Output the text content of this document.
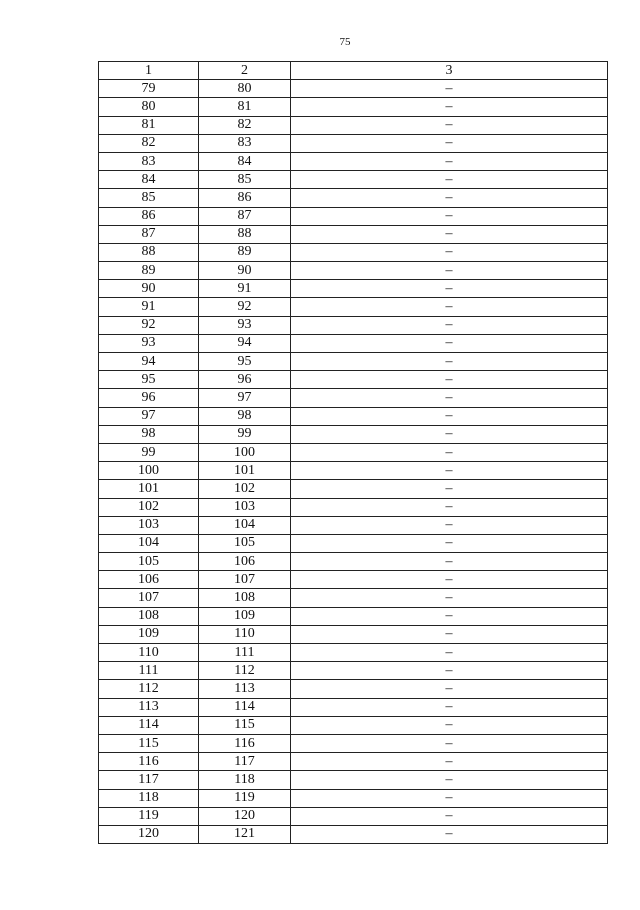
75
1	2	3
79	80	–
80	81	–
81	82	–
82	83	–
83	84	–
84	85	–
85	86	–
86	87	–
87	88	–
88	89	–
89	90	–
90	91	–
91	92	–
92	93	–
93	94	–
94	95	–
95	96	–
96	97	–
97	98	–
98	99	–
99	100	–
100	101	–
101	102	–
102	103	–
103	104	–
104	105	–
105	106	–
106	107	–
107	108	–
108	109	–
109	110	–
110	111	–
111	112	–
112	113	–
113	114	–
114	115	–
115	116	–
116	117	–
117	118	–
118	119	–
119	120	–
120	121	–
